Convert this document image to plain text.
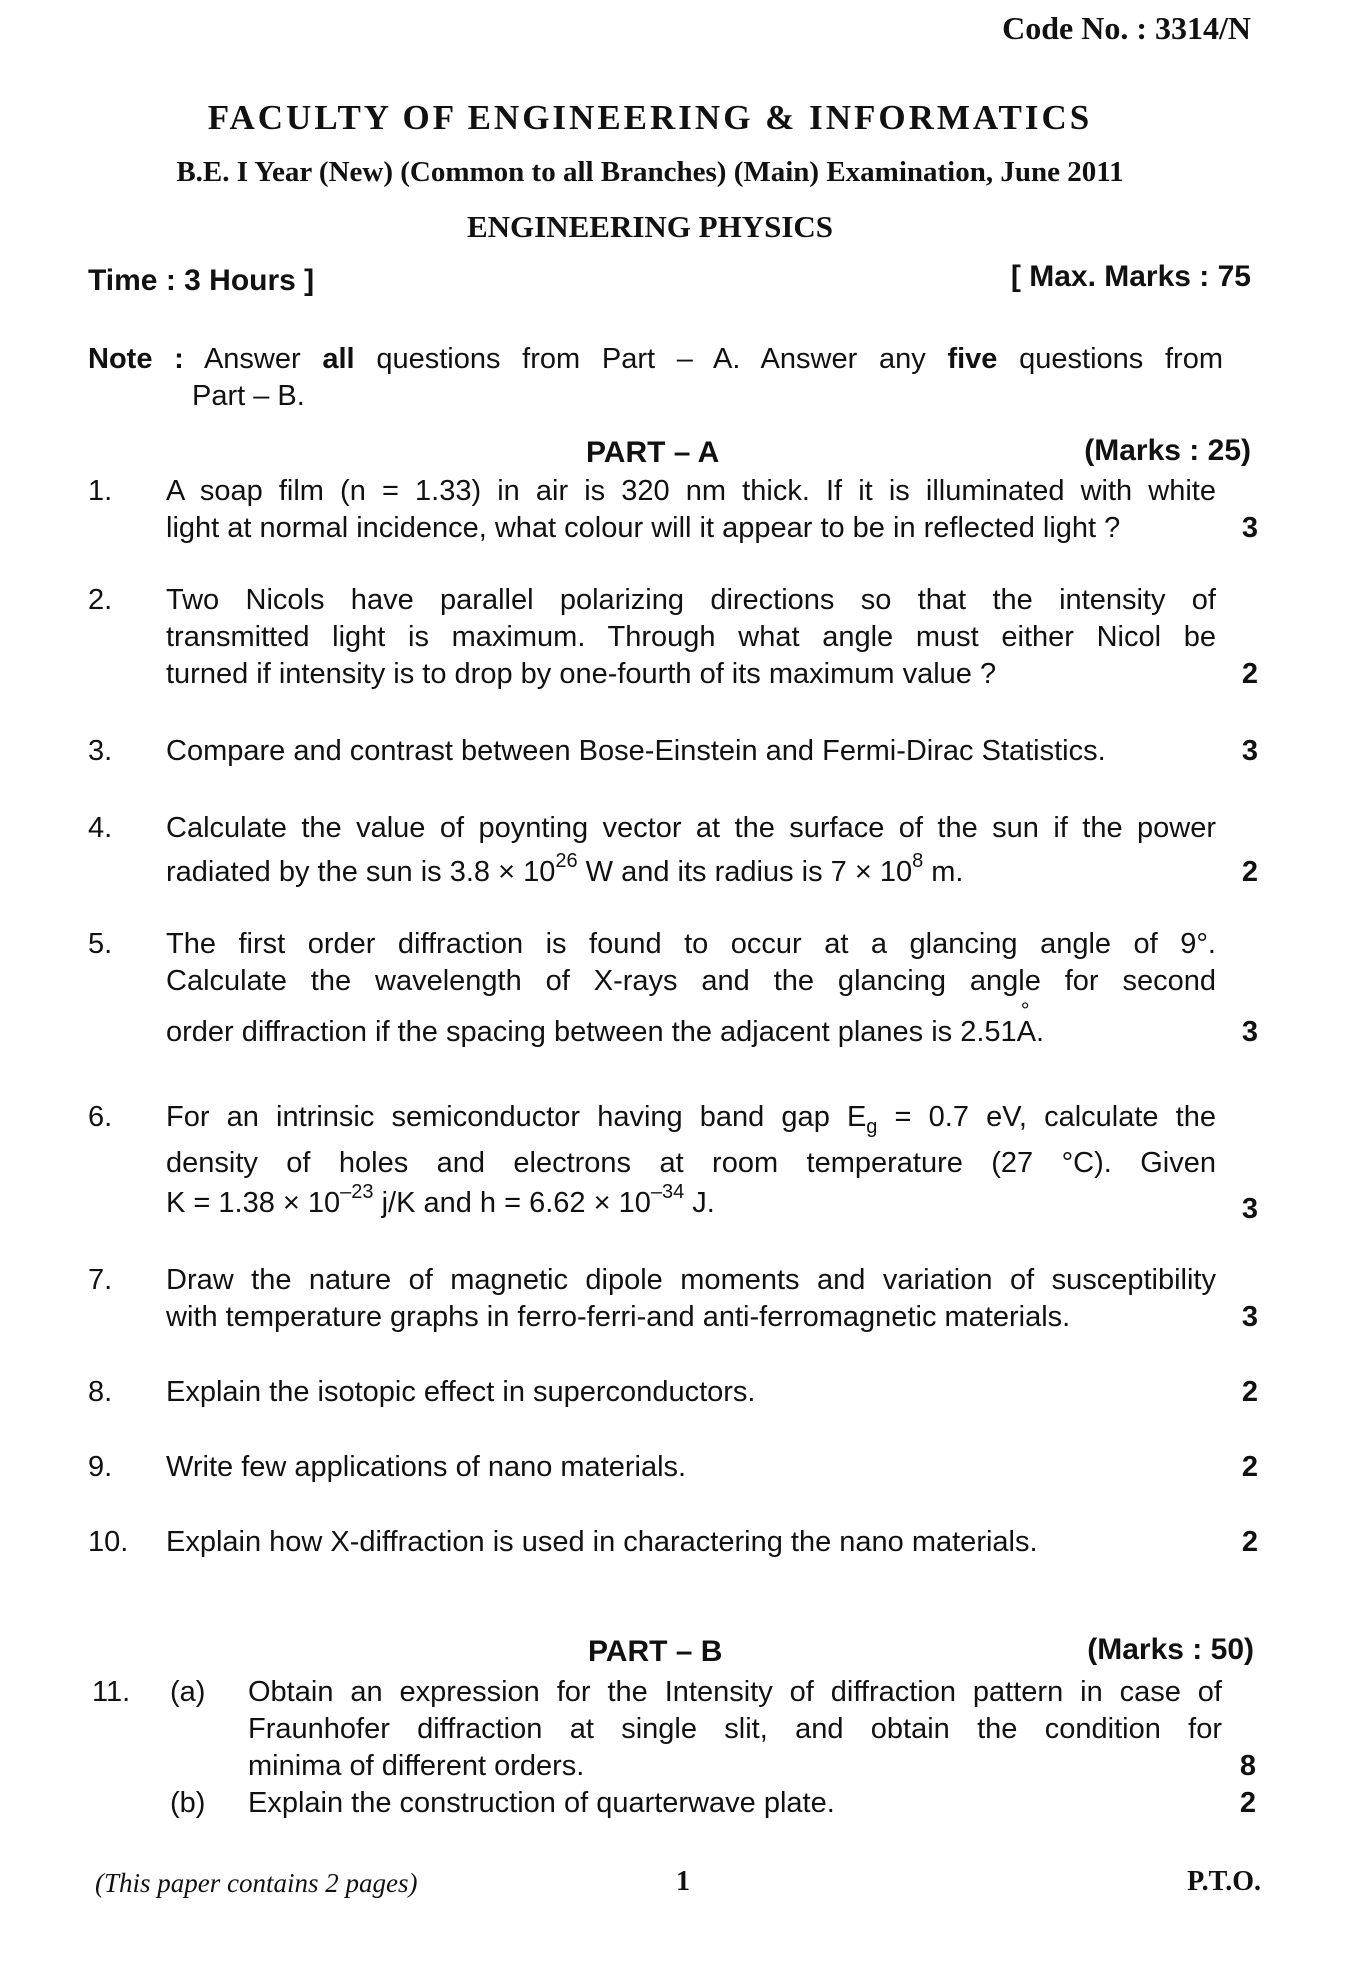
Code No. : 3314/N
FACULTY OF ENGINEERING & INFORMATICS
B.E. I Year (New) (Common to all Branches) (Main) Examination, June 2011
ENGINEERING PHYSICS
Time : 3 Hours ]	[ Max. Marks : 75
Note : Answer all questions from Part – A. Answer any five questions from
Part – B.
PART – A	(Marks : 25)
1.	A soap film (n = 1.33) in air is 320 nm thick. If it is illuminated with white
light at normal incidence, what colour will it appear to be in reflected light ?	3
2.	Two Nicols have parallel polarizing directions so that the intensity of
transmitted light is maximum. Through what angle must either Nicol be
turned if intensity is to drop by one-fourth of its maximum value ?	2
3.	Compare and contrast between Bose-Einstein and Fermi-Dirac Statistics.	3
4.	Calculate the value of poynting vector at the surface of the sun if the power
radiated by the sun is $3.8 \times 10^{26}$ W and its radius is $7 \times 10^8$ m.	2
5.	The first order diffraction is found to occur at a glancing angle of 9°.
Calculate the wavelength of X-rays and the glancing angle for second
order diffraction if the spacing between the adjacent planes is 2.51° A.	3
6.	For an intrinsic semiconductor having band gap $E_g = 0.7$ eV, calculate the
density of holes and electrons at room temperature (27 °C). Given
$K = 1.38 \times 10^{-23}$ j/K and $h = 6.62 \times 10^{-34}$ J.	3
7.	Draw the nature of magnetic dipole moments and variation of susceptibility
with temperature graphs in ferro-ferri-and anti-ferromagnetic materials.	3
8.	Explain the isotopic effect in superconductors.	2
9.	Write few applications of nano materials.	2
10.	Explain how X-diffraction is used in charactering the nano materials.	2
PART – B	(Marks : 50)
11. (a) Obtain an expression for the Intensity of diffraction pattern in case of
Fraunhofer diffraction at single slit, and obtain the condition for
minima of different orders.	8
(b) Explain the construction of quarterwave plate.	2
(This paper contains 2 pages)	1	P.T.O.
